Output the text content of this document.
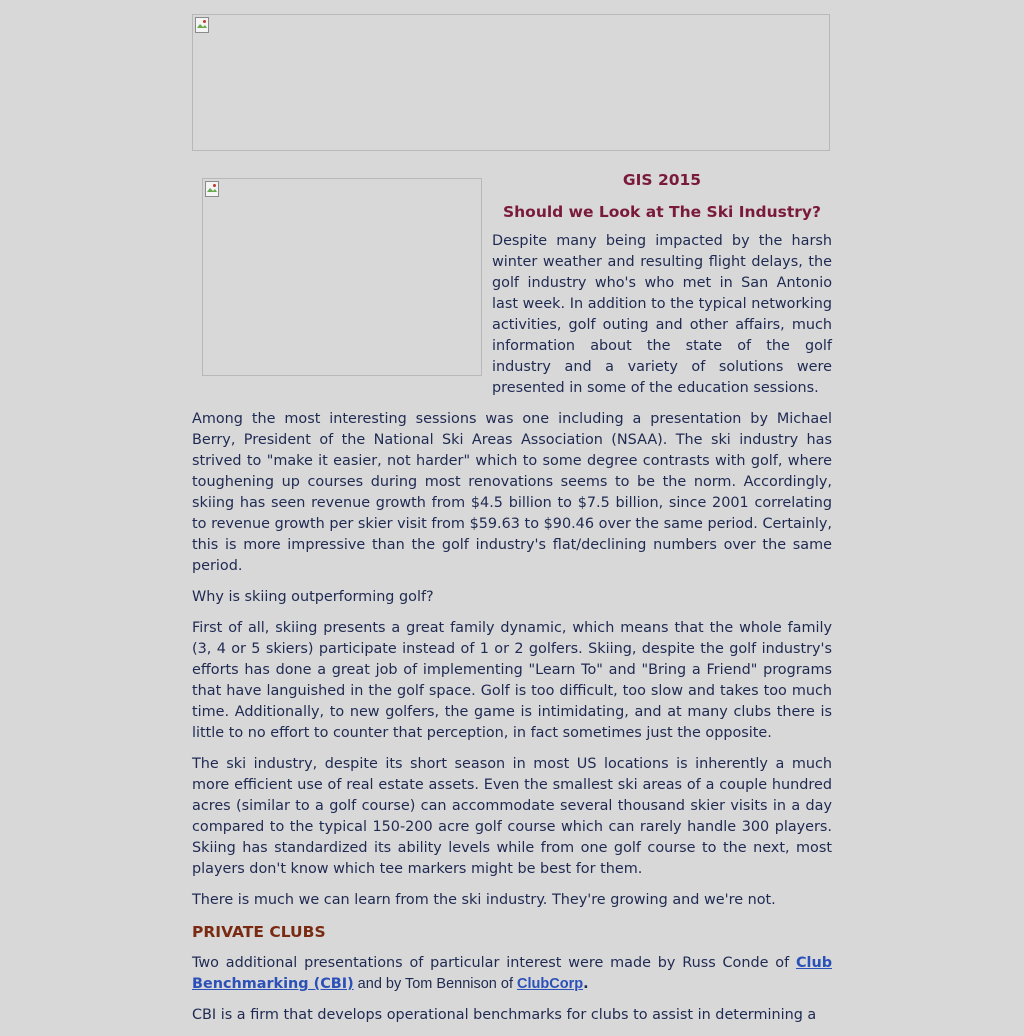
GIS 2015
Should we Look at The Ski Industry?

Despite many being impacted by the harsh winter weather and resulting flight delays, the golf industry who's who met in San Antonio last week. In addition to the typical networking activities, golf outing and other affairs, much information about the state of the golf industry and a variety of solutions were presented in some of the education sessions.

Among the most interesting sessions was one including a presentation by Michael Berry, President of the National Ski Areas Association (NSAA). The ski industry has strived to "make it easier, not harder" which to some degree contrasts with golf, where toughening up courses during most renovations seems to be the norm. Accordingly, skiing has seen revenue growth from $4.5 billion to $7.5 billion, since 2001 correlating to revenue growth per skier visit from $59.63 to $90.46 over the same period. Certainly, this is more impressive than the golf industry's flat/declining numbers over the same period.

Why is skiing outperforming golf?

First of all, skiing presents a great family dynamic, which means that the whole family (3, 4 or 5 skiers) participate instead of 1 or 2 golfers. Skiing, despite the golf industry's efforts has done a great job of implementing "Learn To" and "Bring a Friend" programs that have languished in the golf space. Golf is too difficult, too slow and takes too much time. Additionally, to new golfers, the game is intimidating, and at many clubs there is little to no effort to counter that perception, in fact sometimes just the opposite.

The ski industry, despite its short season in most US locations is inherently a much more efficient use of real estate assets. Even the smallest ski areas of a couple hundred acres (similar to a golf course) can accommodate several thousand skier visits in a day compared to the typical 150-200 acre golf course which can rarely handle 300 players. Skiing has standardized its ability levels while from one golf course to the next, most players don't know which tee markers might be best for them.

There is much we can learn from the ski industry. They're growing and we're not.

PRIVATE CLUBS

Two additional presentations of particular interest were made by Russ Conde of Club Benchmarking (CBI) and by Tom Bennison of ClubCorp.

CBI is a firm that develops operational benchmarks for clubs to assist in determining a
